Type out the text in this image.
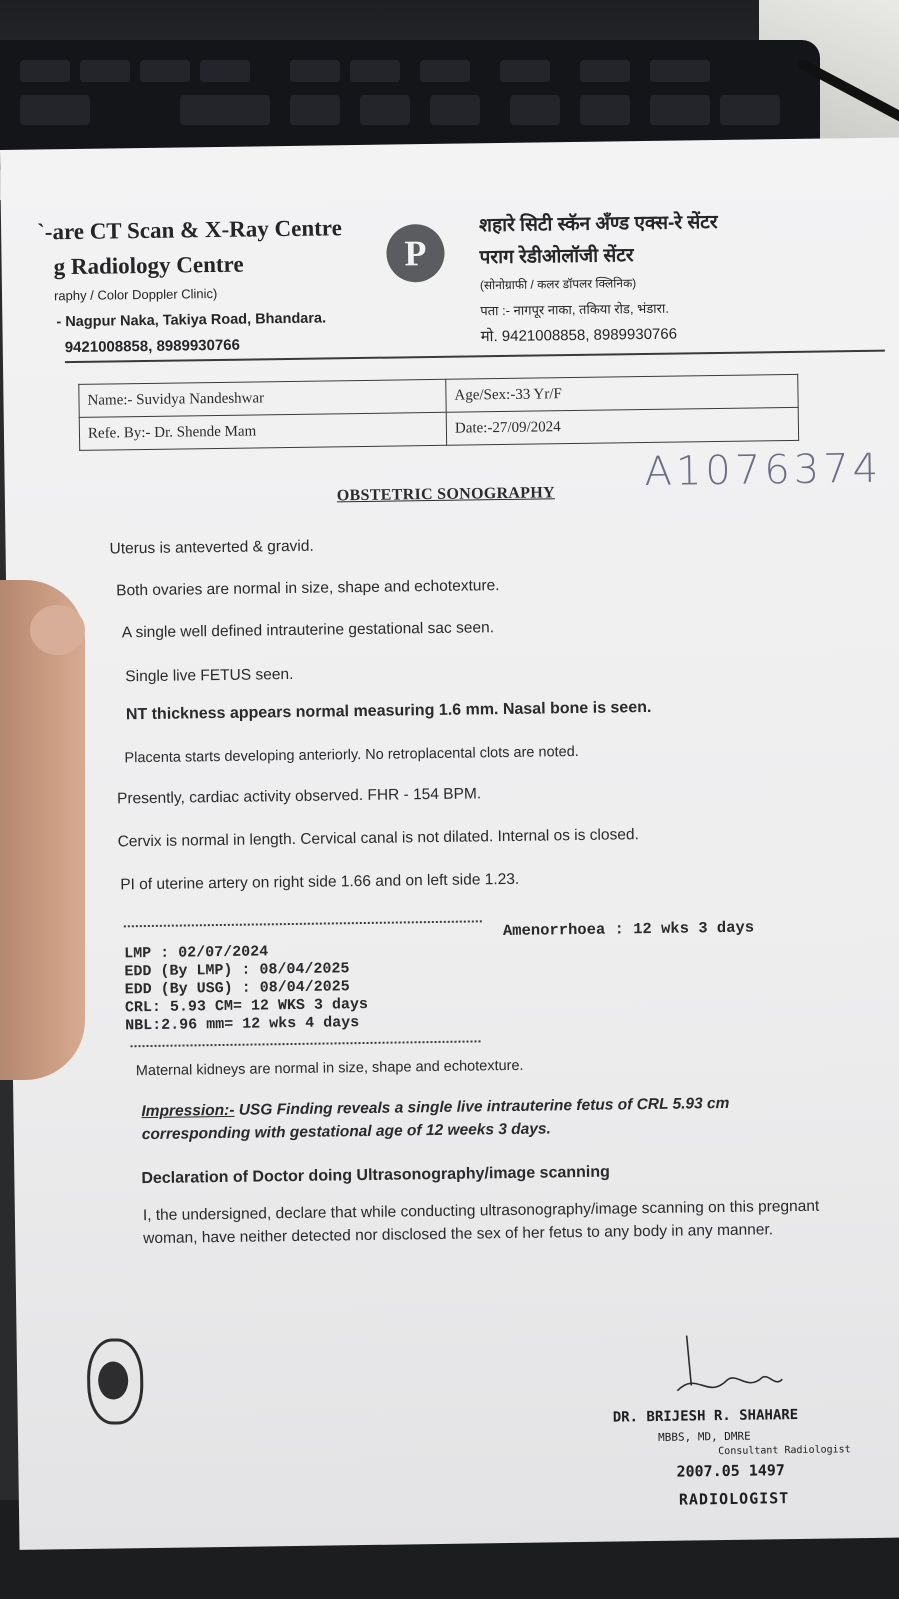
`-are CT Scan & X-Ray Centre
g Radiology Centre
raphy / Color Doppler Clinic)
- Nagpur Naka, Takiya Road, Bhandara.
9421008858, 8989930766
P
शहारे सिटी स्कॅन अँण्ड एक्स-रे सेंटर
पराग रेडीओलॉजी सेंटर
(सोनोग्राफी / कलर डॉपलर क्लिनिक)
पता :- नागपूर नाका, तकिया रोड, भंडारा.
मो. 9421008858, 8989930766
Name:- Suvidya Nandeshwar	Age/Sex:-33 Yr/F
Refe. By:- Dr. Shende Mam	Date:-27/09/2024
OBSTETRIC SONOGRAPHY A1076374
Uterus is anteverted & gravid.
Both ovaries are normal in size, shape and echotexture.
A single well defined intrauterine gestational sac seen.
Single live FETUS seen.
NT thickness appears normal measuring 1.6 mm. Nasal bone is seen.
Placenta starts developing anteriorly. No retroplacental clots are noted.
Presently, cardiac activity observed. FHR - 154 BPM.
Cervix is normal in length. Cervical canal is not dilated. Internal os is closed.
PI of uterine artery on right side 1.66 and on left side 1.23.
LMP : 02/07/2024
EDD (By LMP) : 08/04/2025
EDD (By USG) : 08/04/2025
CRL: 5.93 CM= 12 WKS 3 days
NBL:2.96 mm= 12 wks 4 days
Amenorrhoea : 12 wks 3 days
Maternal kidneys are normal in size, shape and echotexture.
Impression:- USG Finding reveals a single live intrauterine fetus of CRL 5.93 cm corresponding with gestational age of 12 weeks 3 days.
Declaration of Doctor doing Ultrasonography/image scanning
I, the undersigned, declare that while conducting ultrasonography/image scanning on this pregnant woman, have neither detected nor disclosed the sex of her fetus to any body in any manner.
DR. BRIJESH R. SHAHARE
MBBS, MD, DMRE
Consultant Radiologist
2007.05 1497
RADIOLOGIST
